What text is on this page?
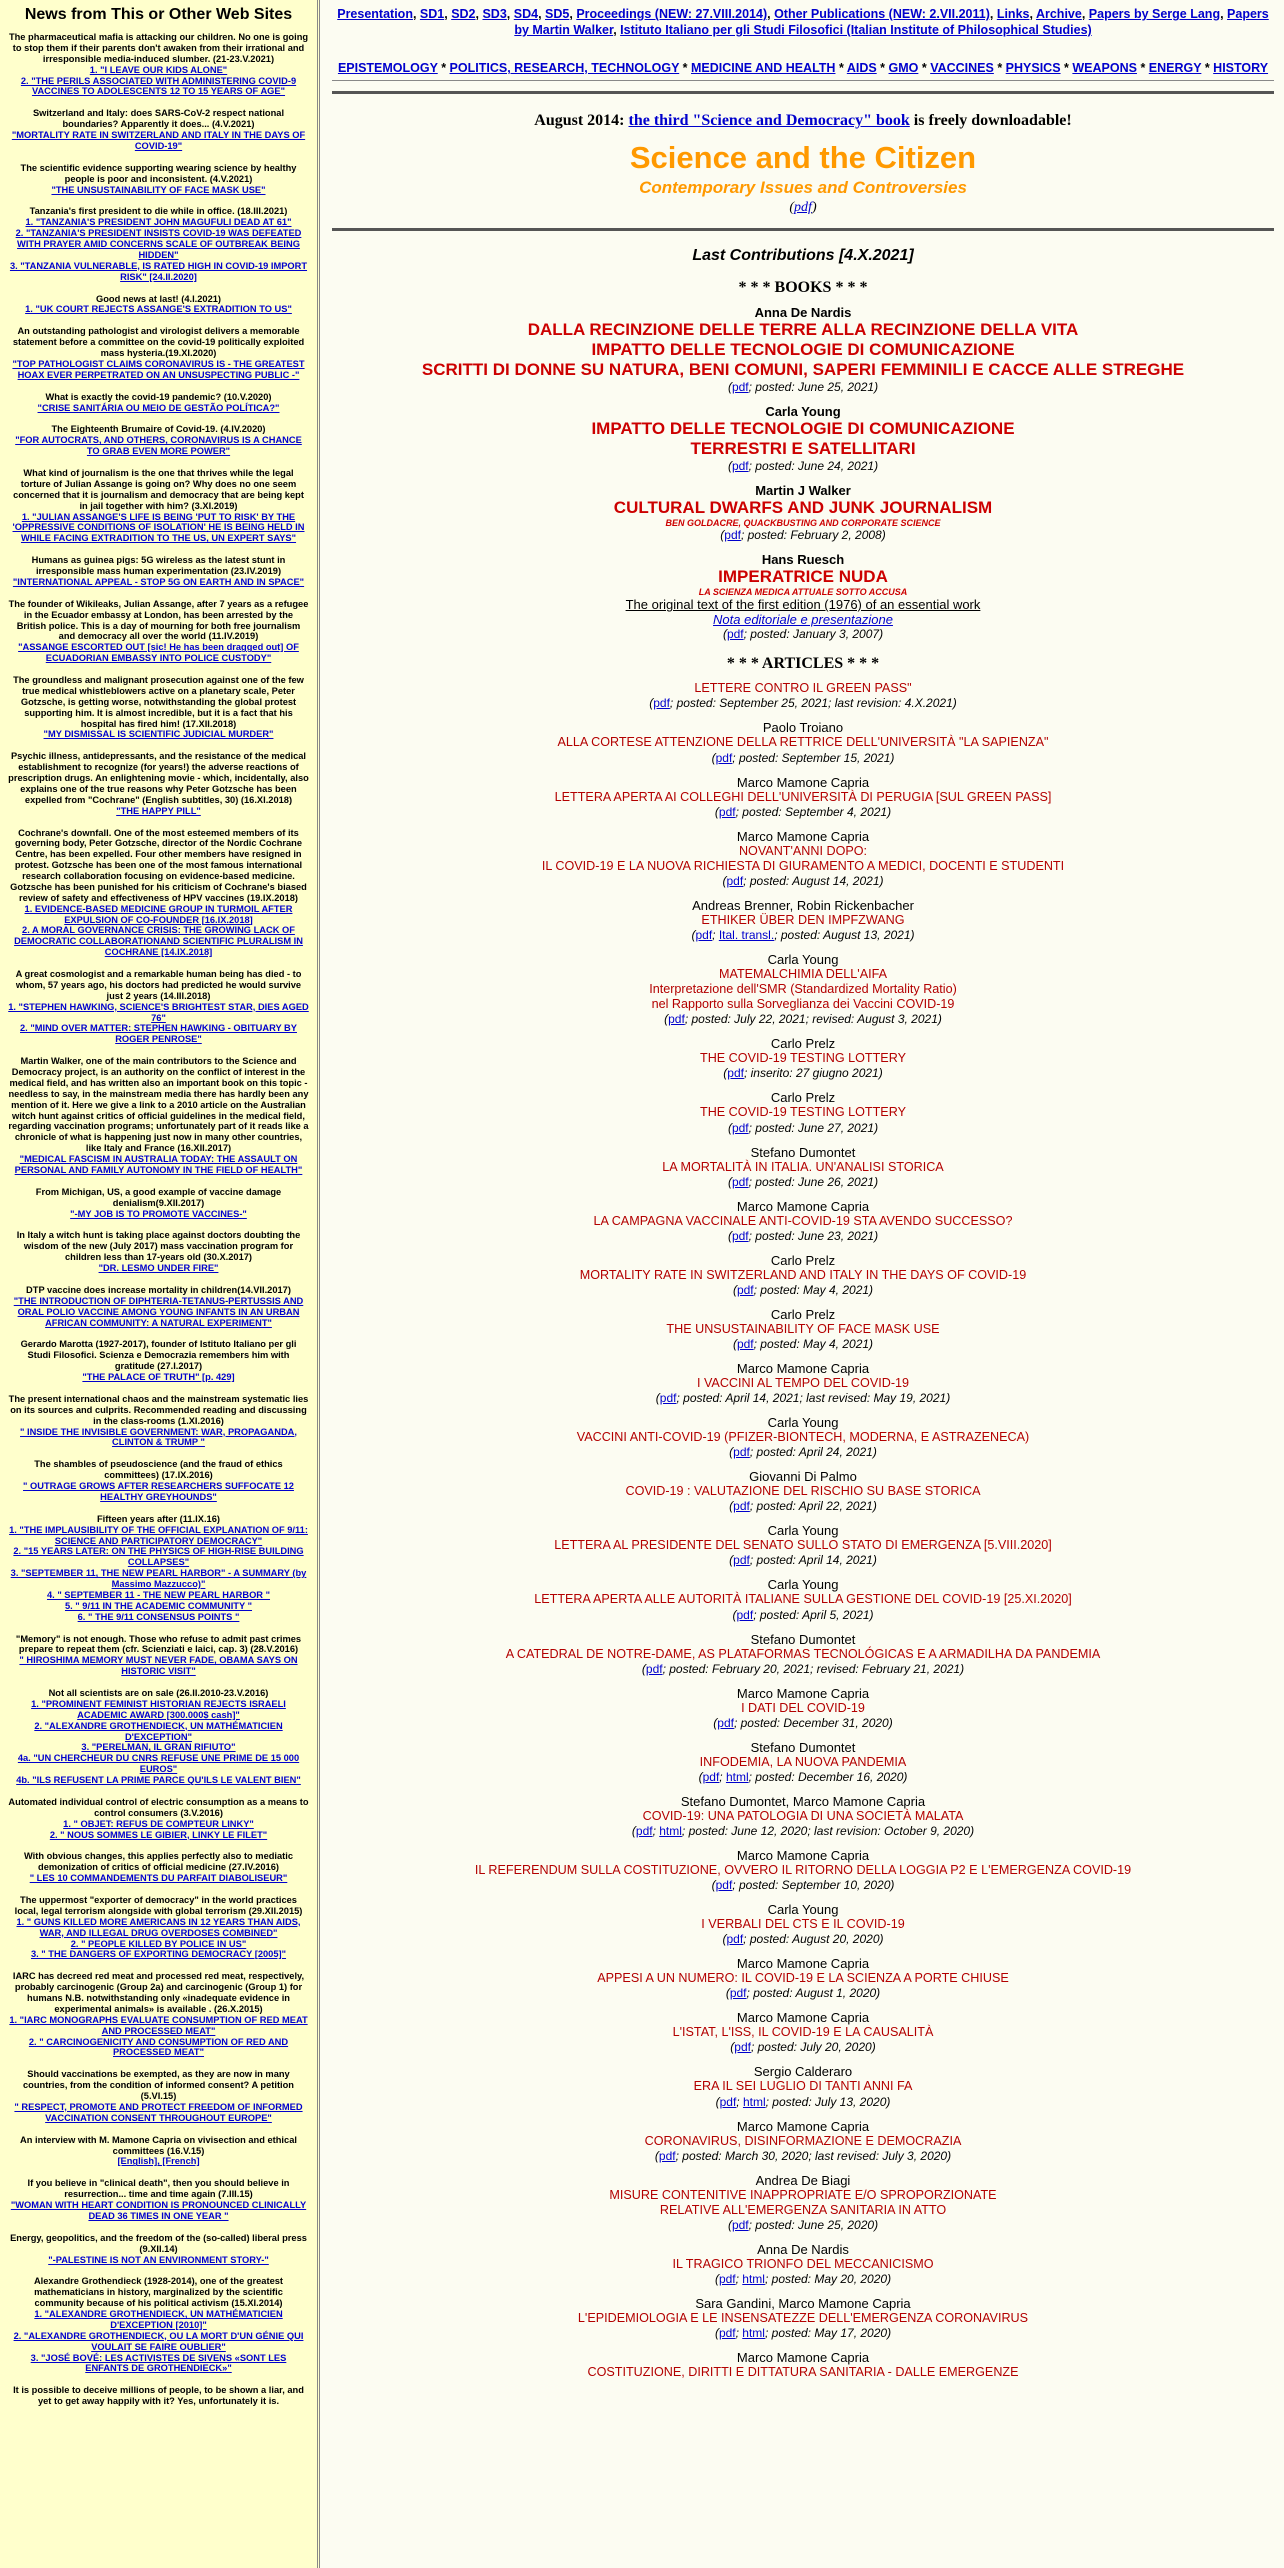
News from This or Other Web Sites
The pharmaceutical mafia is attacking our children. No one is going to stop them if their parents don't awaken from their irrational and irresponsible media-induced slumber. (21-23.V.2021)
1. "I LEAVE OUR KIDS ALONE"
2. "THE PERILS ASSOCIATED WITH ADMINISTERING COVID-9 VACCINES TO ADOLESCENTS 12 TO 15 YEARS OF AGE"
Switzerland and Italy: does SARS-CoV-2 respect national boundaries? Apparently it does... (4.V.2021)
"MORTALITY RATE IN SWITZERLAND AND ITALY IN THE DAYS OF COVID-19"
The scientific evidence supporting wearing science by healthy people is poor and inconsistent. (4.V.2021)
"THE UNSUSTAINABILITY OF FACE MASK USE"
Tanzania's first president to die while in office. (18.III.2021)
1. "TANZANIA'S PRESIDENT JOHN MAGUFULI DEAD AT 61"
2. "TANZANIA'S PRESIDENT INSISTS COVID-19 WAS DEFEATED WITH PRAYER AMID CONCERNS SCALE OF OUTBREAK BEING HIDDEN"
3. "TANZANIA VULNERABLE, IS RATED HIGH IN COVID-19 IMPORT RISK" [24.II.2020]
Good news at last! (4.I.2021)
1. "UK COURT REJECTS ASSANGE'S EXTRADITION TO US"
An outstanding pathologist and virologist delivers a memorable statement before a committee on the covid-19 politically exploited mass hysteria.(19.XI.2020)
"TOP PATHOLOGIST CLAIMS CORONAVIRUS IS - THE GREATEST HOAX EVER PERPETRATED ON AN UNSUSPECTING PUBLIC -"
What is exactly the covid-19 pandemic? (10.V.2020)
"CRISE SANITÁRIA OU MEIO DE GESTÃO POLÍTICA?"
The Eighteenth Brumaire of Covid-19. (4.IV.2020)
"FOR AUTOCRATS, AND OTHERS, CORONAVIRUS IS A CHANCE TO GRAB EVEN MORE POWER"
What kind of journalism is the one that thrives while the legal torture of Julian Assange is going on? Why does no one seem concerned that it is journalism and democracy that are being kept in jail together with him? (3.XI.2019)
1. "JULIAN ASSANGE'S LIFE IS BEING 'PUT TO RISK' BY THE 'OPPRESSIVE CONDITIONS OF ISOLATION' HE IS BEING HELD IN WHILE FACING EXTRADITION TO THE US, UN EXPERT SAYS"
Humans as guinea pigs: 5G wireless as the latest stunt in irresponsible mass human experimentation (23.IV.2019)
"INTERNATIONAL APPEAL - STOP 5G ON EARTH AND IN SPACE"
The founder of Wikileaks, Julian Assange, after 7 years as a refugee in the Ecuador embassy at London, has been arrested by the British police. This is a day of mourning for both free journalism and democracy all over the world (11.IV.2019)
"ASSANGE ESCORTED OUT [sic! He has been dragged out] OF ECUADORIAN EMBASSY INTO POLICE CUSTODY"
The groundless and malignant prosecution against one of the few true medical whistleblowers active on a planetary scale, Peter Gotzsche, is getting worse, notwithstanding the global protest supporting him. It is almost incredible, but it is a fact that his hospital has fired him! (17.XII.2018)
"MY DISMISSAL IS SCIENTIFIC JUDICIAL MURDER"
Psychic illness, antidepressants, and the resistance of the medical establishment to recognize (for years!) the adverse reactions of prescription drugs. An enlightening movie - which, incidentally, also explains one of the true reasons why Peter Gotzsche has been expelled from "Cochrane" (English subtitles, 30) (16.XI.2018)
"THE HAPPY PILL"
Cochrane's downfall. One of the most esteemed members of its governing body, Peter Gotzsche, director of the Nordic Cochrane Centre, has been expelled. Four other members have resigned in protest. Gotzsche has been one of the most famous international research collaboration focusing on evidence-based medicine. Gotzsche has been punished for his criticism of Cochrane's biased review of safety and effectiveness of HPV vaccines (19.IX.2018)
1. EVIDENCE-BASED MEDICINE GROUP IN TURMOIL AFTER EXPULSION OF CO-FOUNDER [16.IX.2018]
2. A MORAL GOVERNANCE CRISIS: THE GROWING LACK OF DEMOCRATIC COLLABORATIONAND SCIENTIFIC PLURALISM IN COCHRANE [14.IX.2018]
A great cosmologist and a remarkable human being has died - to whom, 57 years ago, his doctors had predicted he would survive just 2 years (14.III.2018)
1. "STEPHEN HAWKING, SCIENCE'S BRIGHTEST STAR, DIES AGED 76"
2. "MIND OVER MATTER: STEPHEN HAWKING - OBITUARY BY ROGER PENROSE"
Martin Walker, one of the main contributors to the Science and Democracy project, is an authority on the conflict of interest in the medical field, and has written also an important book on this topic - needless to say, in the mainstream media there has hardly been any mention of it. Here we give a link to a 2010 article on the Australian witch hunt against critics of official guidelines in the medical field, regarding vaccination programs; unfortunately part of it reads like a chronicle of what is happening just now in many other countries, like Italy and France (16.XII.2017)
"MEDICAL FASCISM IN AUSTRALIA TODAY: THE ASSAULT ON PERSONAL AND FAMILY AUTONOMY IN THE FIELD OF HEALTH"
From Michigan, US, a good example of vaccine damage denialism(9.XII.2017)
"-MY JOB IS TO PROMOTE VACCINES-"
In Italy a witch hunt is taking place against doctors doubting the wisdom of the new (July 2017) mass vaccination program for children less than 17-years old (30.X.2017)
"DR. LESMO UNDER FIRE"
DTP vaccine does increase mortality in children(14.VII.2017)
"THE INTRODUCTION OF DIPHTERIA-TETANUS-PERTUSSIS AND ORAL POLIO VACCINE AMONG YOUNG INFANTS IN AN URBAN AFRICAN COMMUNITY: A NATURAL EXPERIMENT"
Gerardo Marotta (1927-2017), founder of Istituto Italiano per gli Studi Filosofici. Scienza e Democrazia remembers him with gratitude (27.I.2017)
"THE PALACE OF TRUTH" [p. 429]
The present international chaos and the mainstream systematic lies on its sources and culprits. Recommended reading and discussing in the class-rooms (1.XI.2016)
" INSIDE THE INVISIBLE GOVERNMENT: WAR, PROPAGANDA, CLINTON & TRUMP "
The shambles of pseudoscience (and the fraud of ethics committees) (17.IX.2016)
" OUTRAGE GROWS AFTER RESEARCHERS SUFFOCATE 12 HEALTHY GREYHOUNDS"
Fifteen years after (11.IX.16)
1. "THE IMPLAUSIBILITY OF THE OFFICIAL EXPLANATION OF 9/11: SCIENCE AND PARTICIPATORY DEMOCRACY"
2. "15 YEARS LATER: ON THE PHYSICS OF HIGH-RISE BUILDING COLLAPSES"
3. "SEPTEMBER 11, THE NEW PEARL HARBOR" - A SUMMARY (by Massimo Mazzucco)"
4. " SEPTEMBER 11 - THE NEW PEARL HARBOR "
5. " 9/11 IN THE ACADEMIC COMMUNITY "
6. " THE 9/11 CONSENSUS POINTS "
"Memory" is not enough. Those who refuse to admit past crimes prepare to repeat them (cfr. Scienziati e laici, cap. 3) (28.V.2016)
" HIROSHIMA MEMORY MUST NEVER FADE, OBAMA SAYS ON HISTORIC VISIT"
Not all scientists are on sale (26.II.2010-23.V.2016)
1. "PROMINENT FEMINIST HISTORIAN REJECTS ISRAELI ACADEMIC AWARD [300.000$ cash]"
2. "ALEXANDRE GROTHENDIECK, UN MATHÉMATICIEN D'EXCEPTION"
3. "PERELMAN, IL GRAN RIFIUTO"
4a. "UN CHERCHEUR DU CNRS REFUSE UNE PRIME DE 15 000 EUROS"
4b. "ILS REFUSENT LA PRIME PARCE QU'ILS LE VALENT BIEN"
Automated individual control of electric consumption as a means to control consumers (3.V.2016)
1. " OBJET: REFUS DE COMPTEUR LINKY"
2. " NOUS SOMMES LE GIBIER, LINKY LE FILET"
With obvious changes, this applies perfectly also to mediatic demonization of critics of official medicine (27.IV.2016)
" LES 10 COMMANDEMENTS DU PARFAIT DIABOLISEUR"
The uppermost "exporter of democracy" in the world practices local, legal terrorism alongside with global terrorism (29.XII.2015)
1. " GUNS KILLED MORE AMERICANS IN 12 YEARS THAN AIDS, WAR, AND ILLEGAL DRUG OVERDOSES COMBINED"
2. " PEOPLE KILLED BY POLICE IN US"
3. " THE DANGERS OF EXPORTING DEMOCRACY [2005]"
IARC has decreed red meat and processed red meat, respectively, probably carcinogenic (Group 2a) and carcinogenic (Group 1) for humans N.B. notwithstanding only «inadequate evidence in experimental animals» is available . (26.X.2015)
1. "IARC MONOGRAPHS EVALUATE CONSUMPTION OF RED MEAT AND PROCESSED MEAT"
2. " CARCINOGENICITY AND CONSUMPTION OF RED AND PROCESSED MEAT"
Should vaccinations be exempted, as they are now in many countries, from the condition of informed consent? A petition (5.VI.15)
" RESPECT, PROMOTE AND PROTECT FREEDOM OF INFORMED VACCINATION CONSENT THROUGHOUT EUROPE"
An interview with M. Mamone Capria on vivisection and ethical committees (16.V.15)
[English], [French]
If you believe in "clinical death", then you should believe in resurrection... time and time again (7.III.15)
"WOMAN WITH HEART CONDITION IS PRONOUNCED CLINICALLY DEAD 36 TIMES IN ONE YEAR "
Energy, geopolitics, and the freedom of the (so-called) liberal press (9.XII.14)
"-PALESTINE IS NOT AN ENVIRONMENT STORY-"
Alexandre Grothendieck (1928-2014), one of the greatest mathematicians in history, marginalized by the scientific community because of his political activism (15.XI.2014)
1. "ALEXANDRE GROTHENDIECK, UN MATHÉMATICIEN D'EXCEPTION [2010]"
2. "ALEXANDRE GROTHENDIECK, OU LA MORT D'UN GÉNIE QUI VOULAIT SE FAIRE OUBLIER"
3. "JOSÉ BOVÉ: LES ACTIVISTES DE SIVENS «SONT LES ENFANTS DE GROTHENDIECK»"
It is possible to deceive millions of people, to be shown a liar, and yet to get away happily with it? Yes, unfortunately it is.
Presentation, SD1, SD2, SD3, SD4, SD5, Proceedings (NEW: 27.VIII.2014), Other Publications (NEW: 2.VII.2011), Links, Archive, Papers by Serge Lang, Papers by Martin Walker, Istituto Italiano per gli Studi Filosofici (Italian Institute of Philosophical Studies)
EPISTEMOLOGY * POLITICS, RESEARCH, TECHNOLOGY * MEDICINE AND HEALTH * AIDS * GMO * VACCINES * PHYSICS * WEAPONS * ENERGY * HISTORY
August 2014: the third "Science and Democracy" book is freely downloadable!
Science and the Citizen
Contemporary Issues and Controversies
(pdf)
Last Contributions [4.X.2021]
* * * BOOKS * * *
Anna De Nardis
DALLA RECINZIONE DELLE TERRE ALLA RECINZIONE DELLA VITA
IMPATTO DELLE TECNOLOGIE DI COMUNICAZIONE
SCRITTI DI DONNE SU NATURA, BENI COMUNI, SAPERI FEMMINILI E CACCE ALLE STREGHE
(pdf; posted: June 25, 2021)
Carla Young
IMPATTO DELLE TECNOLOGIE DI COMUNICAZIONE
TERRESTRI E SATELLITARI
(pdf; posted: June 24, 2021)
Martin J Walker
CULTURAL DWARFS AND JUNK JOURNALISM
BEN GOLDACRE, QUACKBUSTING AND CORPORATE SCIENCE
(pdf; posted: February 2, 2008)
Hans Ruesch
IMPERATRICE NUDA
LA SCIENZA MEDICA ATTUALE SOTTO ACCUSA
The original text of the first edition (1976) of an essential work
Nota editoriale e presentazione
(pdf; posted: January 3, 2007)
* * * ARTICLES * * *
LETTERE CONTRO IL GREEN PASS"
(pdf; posted: September 25, 2021; last revision: 4.X.2021)
Paolo Troiano
ALLA CORTESE ATTENZIONE DELLA RETTRICE DELL'UNIVERSITÀ "LA SAPIENZA"
(pdf; posted: September 15, 2021)
Marco Mamone Capria
LETTERA APERTA AI COLLEGHI DELL'UNIVERSITÀ DI PERUGIA [SUL GREEN PASS]
(pdf; posted: September 4, 2021)
Marco Mamone Capria
NOVANT'ANNI DOPO:
IL COVID-19 E LA NUOVA RICHIESTA DI GIURAMENTO A MEDICI, DOCENTI E STUDENTI
(pdf; posted: August 14, 2021)
Andreas Brenner, Robin Rickenbacher
ETHIKER ÜBER DEN IMPFZWANG
(pdf; Ital. transl.; posted: August 13, 2021)
Carla Young
MATEMALCHIMIA DELL'AIFA
Interpretazione dell'SMR (Standardized Mortality Ratio)
nel Rapporto sulla Sorveglianza dei Vaccini COVID-19
(pdf; posted: July 22, 2021; revised: August 3, 2021)
Carlo Prelz
THE COVID-19 TESTING LOTTERY
(pdf; inserito: 27 giugno 2021)
Carlo Prelz
THE COVID-19 TESTING LOTTERY
(pdf; posted: June 27, 2021)
Stefano Dumontet
LA MORTALITÀ IN ITALIA. UN'ANALISI STORICA
(pdf; posted: June 26, 2021)
Marco Mamone Capria
LA CAMPAGNA VACCINALE ANTI-COVID-19 STA AVENDO SUCCESSO?
(pdf; posted: June 23, 2021)
Carlo Prelz
MORTALITY RATE IN SWITZERLAND AND ITALY IN THE DAYS OF COVID-19
(pdf; posted: May 4, 2021)
Carlo Prelz
THE UNSUSTAINABILITY OF FACE MASK USE
(pdf; posted: May 4, 2021)
Marco Mamone Capria
I VACCINI AL TEMPO DEL COVID-19
(pdf; posted: April 14, 2021; last revised: May 19, 2021)
Carla Young
VACCINI ANTI-COVID-19 (PFIZER-BIONTECH, MODERNA, E ASTRAZENECA)
(pdf; posted: April 24, 2021)
Giovanni Di Palmo
COVID-19 : VALUTAZIONE DEL RISCHIO SU BASE STORICA
(pdf; posted: April 22, 2021)
Carla Young
LETTERA AL PRESIDENTE DEL SENATO SULLO STATO DI EMERGENZA [5.VIII.2020]
(pdf; posted: April 14, 2021)
Carla Young
LETTERA APERTA ALLE AUTORITÀ ITALIANE SULLA GESTIONE DEL COVID-19 [25.XI.2020]
(pdf; posted: April 5, 2021)
Stefano Dumontet
A CATEDRAL DE NOTRE-DAME, AS PLATAFORMAS TECNOLÓGICAS E A ARMADILHA DA PANDEMIA
(pdf; posted: February 20, 2021; revised: February 21, 2021)
Marco Mamone Capria
I DATI DEL COVID-19
(pdf; posted: December 31, 2020)
Stefano Dumontet
INFODEMIA, LA NUOVA PANDEMIA
(pdf; html; posted: December 16, 2020)
Stefano Dumontet, Marco Mamone Capria
COVID-19: UNA PATOLOGIA DI UNA SOCIETÀ MALATA
(pdf; html; posted: June 12, 2020; last revision: October 9, 2020)
Marco Mamone Capria
IL REFERENDUM SULLA COSTITUZIONE, OVVERO IL RITORNO DELLA LOGGIA P2 E L'EMERGENZA COVID-19
(pdf; posted: September 10, 2020)
Carla Young
I VERBALI DEL CTS E IL COVID-19
(pdf; posted: August 20, 2020)
Marco Mamone Capria
APPESI A UN NUMERO: IL COVID-19 E LA SCIENZA A PORTE CHIUSE
(pdf; posted: August 1, 2020)
Marco Mamone Capria
L'ISTAT, L'ISS, IL COVID-19 E LA CAUSALITÀ
(pdf; posted: July 20, 2020)
Sergio Calderaro
ERA IL SEI LUGLIO DI TANTI ANNI FA
(pdf; html; posted: July 13, 2020)
Marco Mamone Capria
CORONAVIRUS, DISINFORMAZIONE E DEMOCRAZIA
(pdf; posted: March 30, 2020; last revised: July 3, 2020)
Andrea De Biagi
MISURE CONTENITIVE INAPPROPRIATE E/O SPROPORZIONATE
RELATIVE ALL'EMERGENZA SANITARIA IN ATTO
(pdf; posted: June 25, 2020)
Anna De Nardis
IL TRAGICO TRIONFO DEL MECCANICISMO
(pdf; html; posted: May 20, 2020)
Sara Gandini, Marco Mamone Capria
L'EPIDEMIOLOGIA E LE INSENSATEZZE DELL'EMERGENZA CORONAVIRUS
(pdf; html; posted: May 17, 2020)
Marco Mamone Capria
COSTITUZIONE, DIRITTI E DITTATURA SANITARIA - DALLE EMERGENZE
